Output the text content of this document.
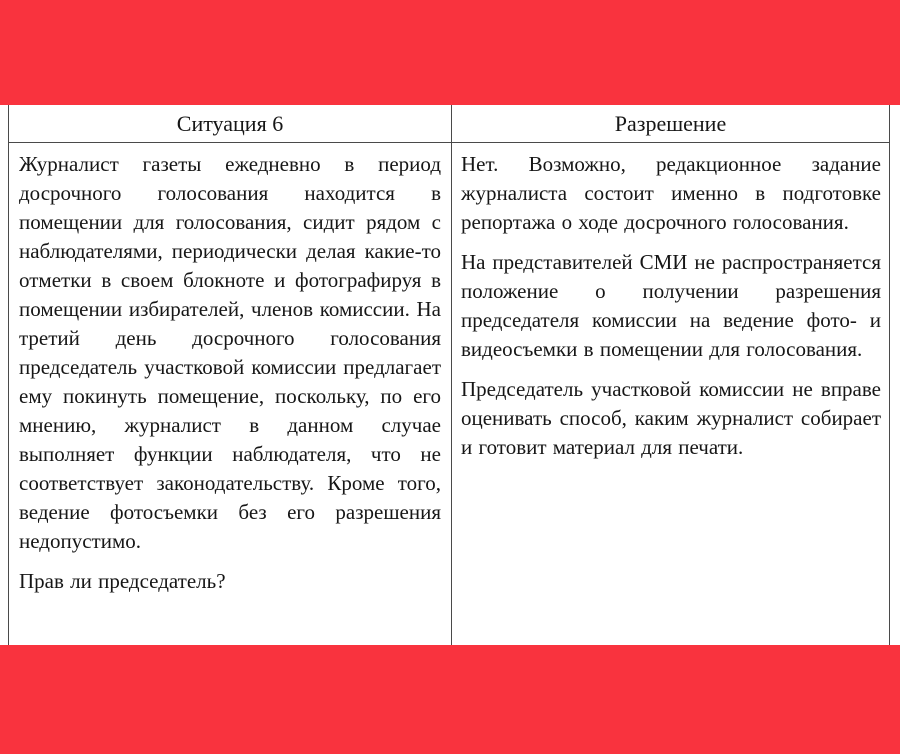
Ситуация 6	Разрешение

Журналист газеты ежедневно в период досрочного голосования находится в помещении для голосования, сидит рядом с наблюдателями, периодически делая какие-то отметки в своем блокноте и фотографируя в помещении избирателей, членов комиссии. На третий день досрочного голосования председатель участковой комиссии предлагает ему покинуть помещение, поскольку, по его мнению, журналист в данном случае выполняет функции наблюдателя, что не соответствует законодательству. Кроме того, ведение фотосъемки без его разрешения недопустимо.

Прав ли председатель?

Нет. Возможно, редакционное задание журналиста состоит именно в подготовке репортажа о ходе досрочного голосования.

На представителей СМИ не распространяется положение о получении разрешения председателя комиссии на ведение фото- и видеосъемки в помещении для голосования.

Председатель участковой комиссии не вправе оценивать способ, каким журналист собирает и готовит материал для печати.
